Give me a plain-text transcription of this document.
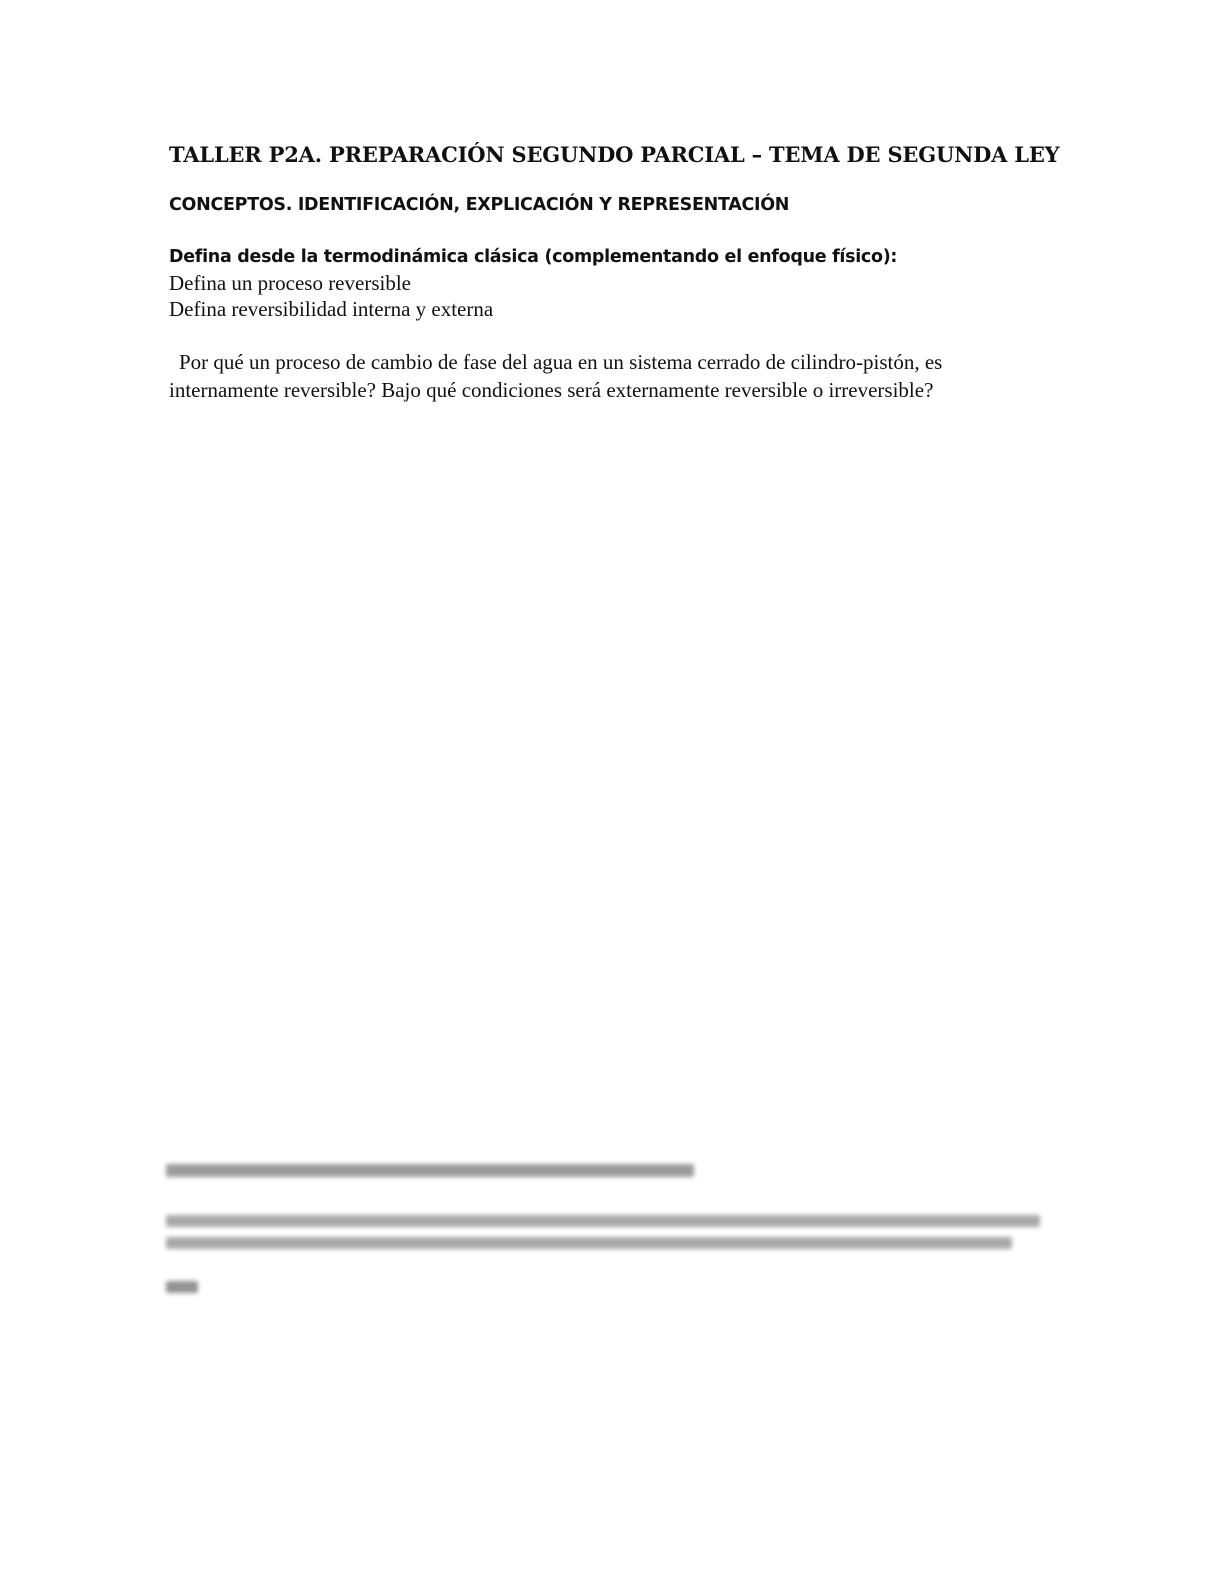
TALLER P2A. PREPARACIÓN SEGUNDO PARCIAL – TEMA DE SEGUNDA LEY
CONCEPTOS. IDENTIFICACIÓN, EXPLICACIÓN Y REPRESENTACIÓN

Defina desde la termodinámica clásica (complementando el enfoque físico):

Defina un proceso reversible

Defina reversibilidad interna y externa

Por qué un proceso de cambio de fase del agua en un sistema cerrado de cilindro-pistón, es internamente reversible? Bajo qué condiciones será externamente reversible o irreversible?
